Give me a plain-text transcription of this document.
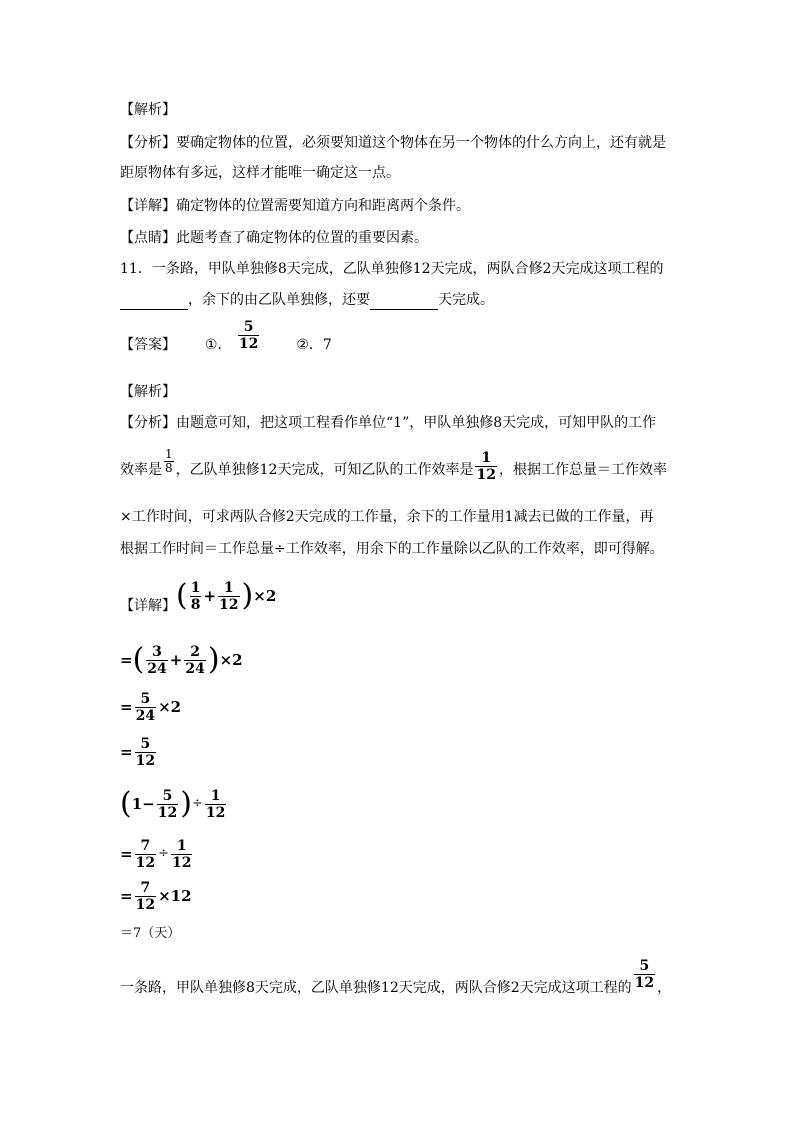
【解析】
【分析】要确定物体的位置，必须要知道这个物体在另一个物体的什么方向上，还有就是
距原物体有多远，这样才能唯一确定这一点。
【详解】确定物体的位置需要知道方向和距离两个条件。
【点睛】此题考查了确定物体的位置的重要因素。
11．一条路，甲队单独修8天完成，乙队单独修12天完成，两队合修2天完成这项工程的
，余下的由乙队单独修，还要	天完成。
【答案】 ①． $\frac{5}{12}$	②．7
【解析】
【分析】由题意可知，把这项工程看作单位“1”，甲队单独修8天完成，可知甲队的工作
效率是 $\frac{1}{8}$ ，乙队单独修12天完成，可知乙队的工作效率是 $\frac{1}{12}$ ，根据工作总量＝工作效率
×工作时间，可求两队合修2天完成的工作量，余下的工作量用1减去已做的工作量，再
根据工作时间＝工作总量÷工作效率，用余下的工作量除以乙队的工作效率，即可得解。
【详解】( $\frac{1}{8} + \frac{1}{12} )\times 2$
=( $\frac{3}{24} + \frac{2}{24} )\times 2$
= $\frac{5}{24} \times 2$
= $\frac{5}{12}$
($1- \frac{5}{12}$ )÷ $\frac{1}{12}$
= $\frac{7}{12} \div \frac{1}{12}$
= $\frac{7}{12} \times 12$
＝7（天）
一条路，甲队单独修8天完成，乙队单独修12天完成，两队合修2天完成这项工程的 $\frac{5}{12}$ ，
